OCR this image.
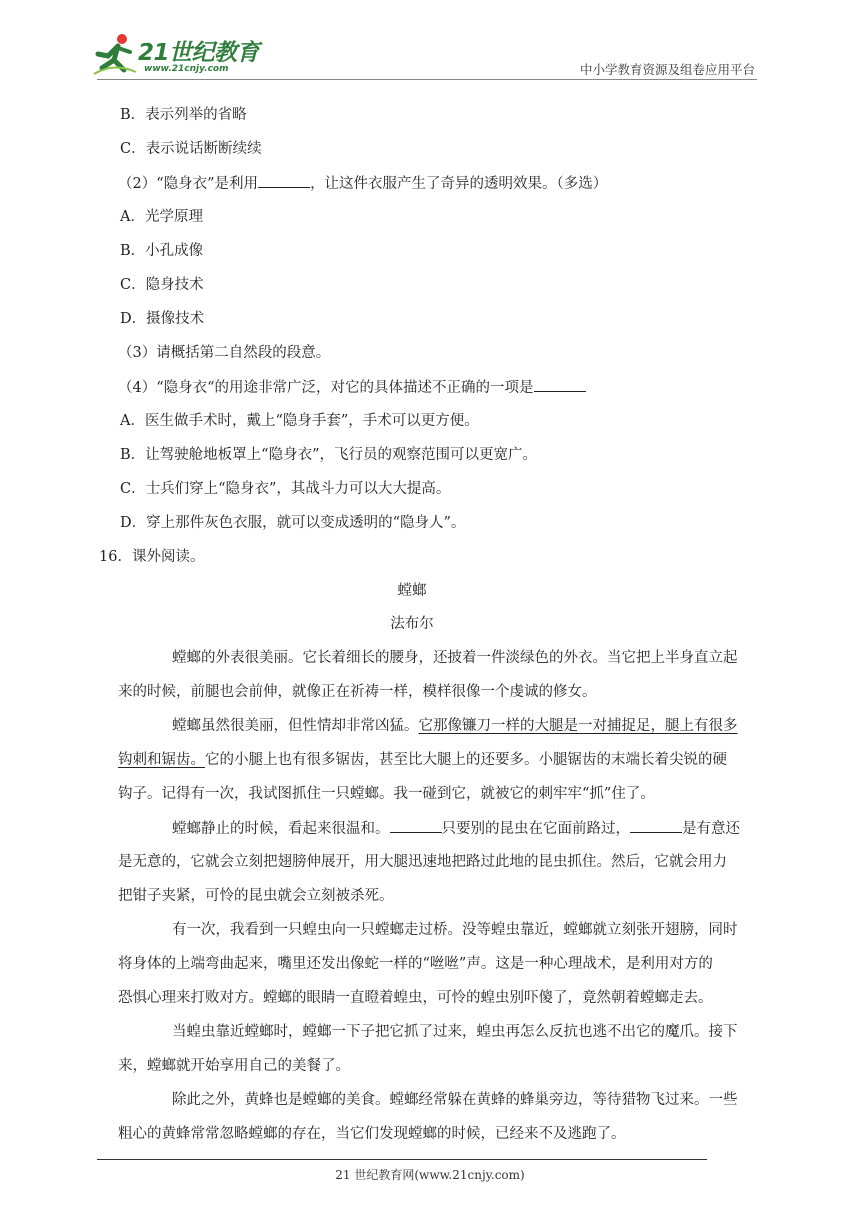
21世纪教育
www.21cnjy.com	中小学教育资源及组卷应用平台
B．表示列举的省略
C．表示说话断断续续
（2）“隐身衣”是利用	，让这件衣服产生了奇异的透明效果。（多选）
A．光学原理
B．小孔成像
C．隐身技术
D．摄像技术
（3）请概括第二自然段的段意。
（4）“隐身衣“的用途非常广泛，对它的具体描述不正确的一项是
A．医生做手术时，戴上“隐身手套”，手术可以更方便。
B．让驾驶舱地板罩上“隐身衣”，飞行员的观察范围可以更宽广。
C．士兵们穿上“隐身衣”，其战斗力可以大大提高。
D．穿上那件灰色衣服，就可以变成透明的“隐身人”。
16．课外阅读。
螳螂
法布尔
螳螂的外表很美丽。它长着细长的腰身，还披着一件淡绿色的外衣。当它把上半身直立起
来的时候，前腿也会前伸，就像正在祈祷一样，模样很像一个虔诚的修女。
螳螂虽然很美丽，但性情却非常凶猛。它那像镰刀一样的大腿是一对捕捉足，腿上有很多
钩刺和锯齿。它的小腿上也有很多锯齿，甚至比大腿上的还要多。小腿锯齿的末端长着尖锐的硬
钩子。记得有一次，我试图抓住一只螳螂。我一碰到它，就被它的刺牢牢“抓”住了。
螳螂静止的时候，看起来很温和。	只要别的昆虫在它面前路过，	是有意还
是无意的，它就会立刻把翅膀伸展开，用大腿迅速地把路过此地的昆虫抓住。然后，它就会用力
把钳子夹紧，可怜的昆虫就会立刻被杀死。
有一次，我看到一只蝗虫向一只螳螂走过桥。没等蝗虫靠近，螳螂就立刻张开翅膀，同时
将身体的上端弯曲起来，嘴里还发出像蛇一样的“咝咝”声。这是一种心理战术，是利用对方的
恐惧心理来打败对方。螳螂的眼睛一直瞪着蝗虫，可怜的蝗虫别吓傻了，竟然朝着螳螂走去。
当蝗虫靠近螳螂时，螳螂一下子把它抓了过来，蝗虫再怎么反抗也逃不出它的魔爪。接下
来，螳螂就开始享用自己的美餐了。
除此之外，黄蜂也是螳螂的美食。螳螂经常躲在黄蜂的蜂巢旁边，等待猎物飞过来。一些
粗心的黄蜂常常忽略螳螂的存在，当它们发现螳螂的时候，已经来不及逃跑了。
21 世纪教育网(www.21cnjy.com)
